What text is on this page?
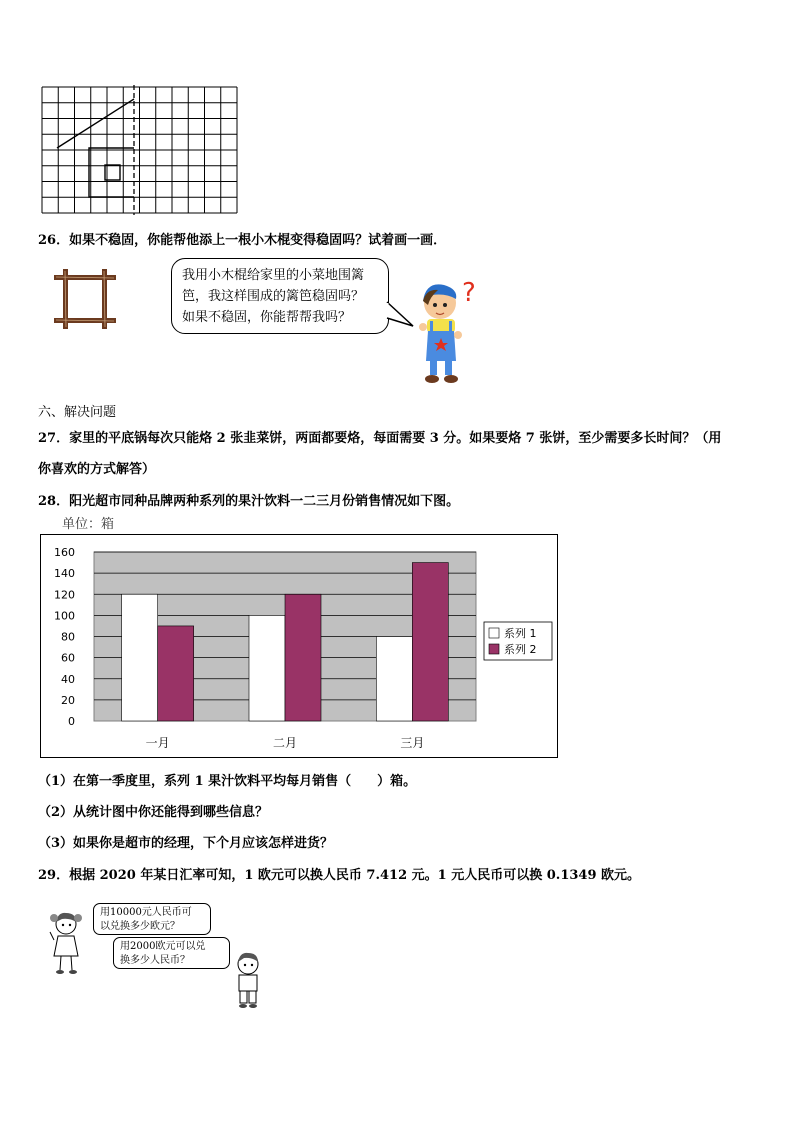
26．如果不稳固，你能帮他添上一根小木棍变得稳固吗？试着画一画．

我用小木棍给家里的小菜地围篱

笆，我这样围成的篱笆稳固吗？

如果不稳固，你能帮帮我吗？

?
六、解决问题
27．家里的平底锅每次只能烙 2 张韭菜饼，两面都要烙，每面需要 3 分。如果要烙 7 张饼，至少需要多长时间？（用
你喜欢的方式解答）
28．阳光超市同种品牌两种系列的果汁饮料一二三月份销售情况如下图。
单位：箱
0
20
40
60
80
100
120
140
160
一月	二月	三月
系列 1
系列 2
（1）在第一季度里，系列 1 果汁饮料平均每月销售（　　）箱。
（2）从统计图中你还能得到哪些信息？
（3）如果你是超市的经理，下个月应该怎样进货？
29．根据 2020 年某日汇率可知，1 欧元可以换人民币 7.412 元。1 元人民币可以换 0.1349 欧元。

用10000元人民币可

以兑换多少欧元？

用2000欧元可以兑

换多少人民币？
